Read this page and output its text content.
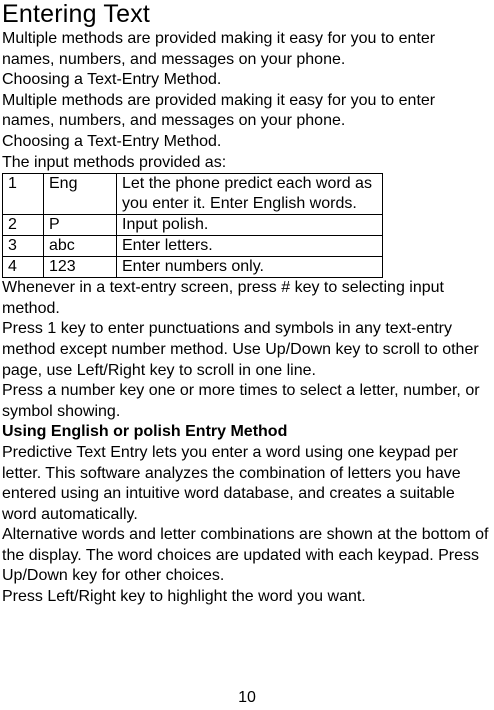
Entering Text

Multiple methods are provided making it easy for you to enter names, numbers, and messages on your phone.

Choosing a Text-Entry Method.

Multiple methods are provided making it easy for you to enter names, numbers, and messages on your phone.

Choosing a Text-Entry Method.

The input methods provided as:

1	Eng	Let the phone predict each word as you enter it. Enter English words.
2	P	Input polish.
3	abc	Enter letters.
4	123	Enter numbers only.

Whenever in a text-entry screen, press # key to selecting input method.

Press 1 key to enter punctuations and symbols in any text-entry method except number method. Use Up/Down key to scroll to other page, use Left/Right key to scroll in one line.

Press a number key one or more times to select a letter, number, or symbol showing.

Using English or polish Entry Method

Predictive Text Entry lets you enter a word using one keypad per letter. This software analyzes the combination of letters you have entered using an intuitive word database, and creates a suitable word automatically.

Alternative words and letter combinations are shown at the bottom of the display. The word choices are updated with each keypad. Press Up/Down key for other choices.

Press Left/Right key to highlight the word you want.

10
